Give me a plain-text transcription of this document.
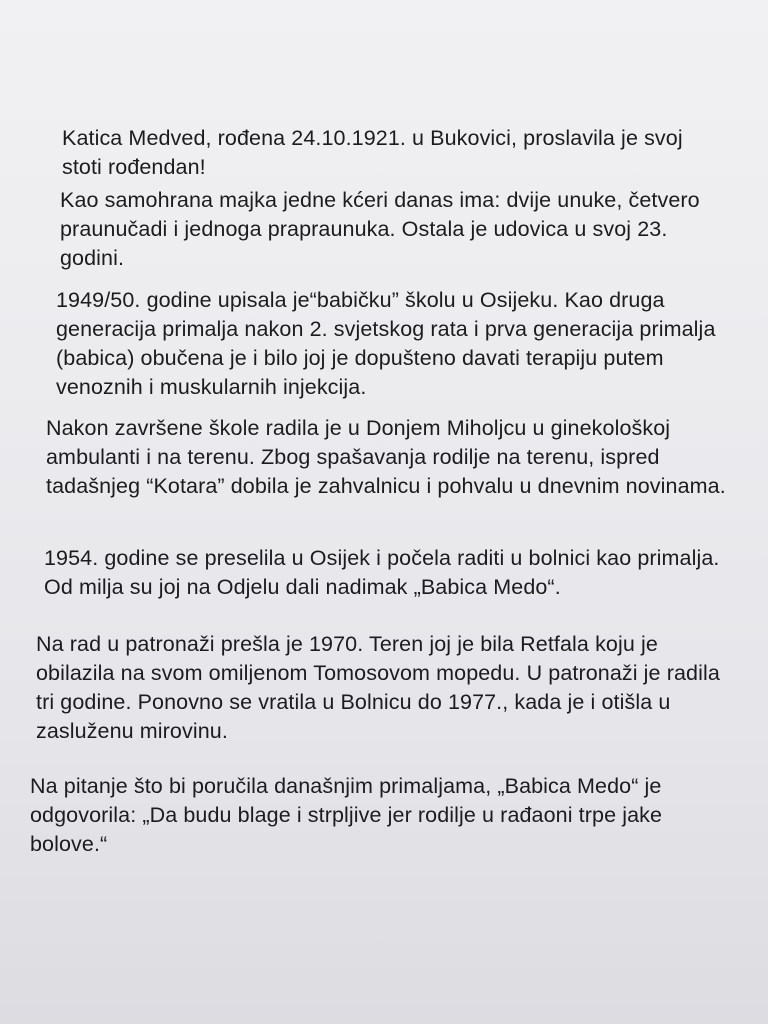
Katica Medved, rođena 24.10.1921. u Bukovici, proslavila je svoj stoti rođendan!

Kao samohrana majka jedne kćeri danas ima: dvije unuke, četvero praunučadi i jednoga prapraunuka. Ostala je udovica u svoj 23. godini.

1949/50. godine upisala je“babičku” školu u Osijeku. Kao druga generacija primalja nakon 2. svjetskog rata i prva generacija primalja (babica) obučena je i bilo joj je dopušteno davati terapiju putem venoznih i muskularnih injekcija.

Nakon završene škole radila je u Donjem Miholjcu u ginekološkoj ambulanti i na terenu. Zbog spašavanja rodilje na terenu, ispred tadašnjeg “Kotara” dobila je zahvalnicu i pohvalu u dnevnim novinama.

1954. godine se preselila u Osijek i počela raditi u bolnici kao primalja. Od milja su joj na Odjelu dali nadimak „Babica Medo“.

Na rad u patronaži prešla je 1970. Teren joj je bila Retfala koju je obilazila na svom omiljenom Tomosovom mopedu. U patronaži je radila tri godine. Ponovno se vratila u Bolnicu do 1977., kada je i otišla u zasluženu mirovinu.

Na pitanje što bi poručila današnjim primaljama, „Babica Medo“ je odgovorila: „Da budu blage i strpljive jer rodilje u rađaoni trpe jake bolove.“
